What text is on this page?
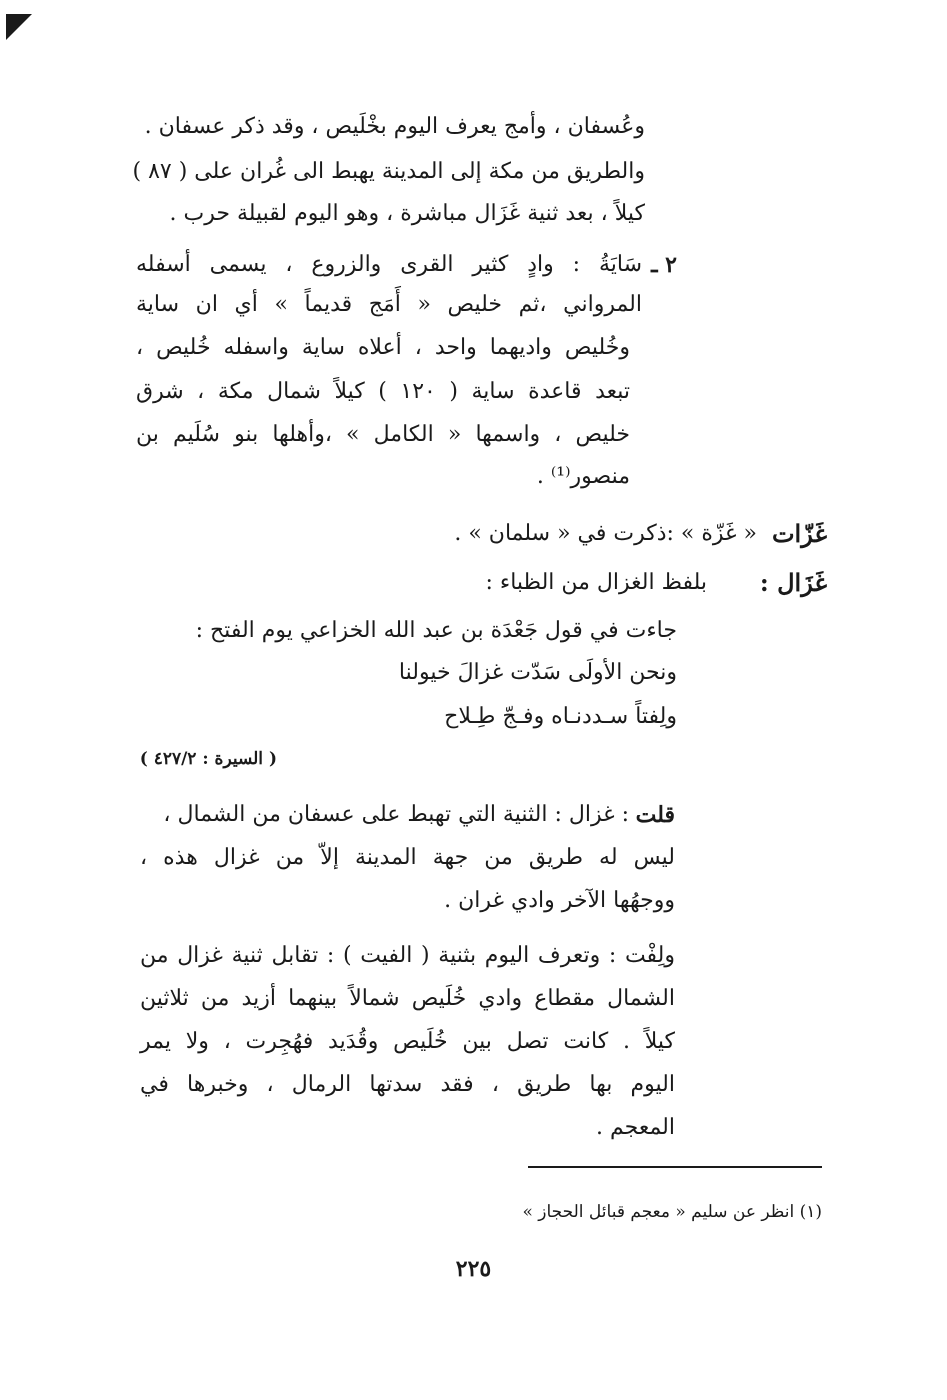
وعُسفان ، وأمج يعرف اليوم بخْلَيص ، وقد ذكر عسفان .
والطريق من مكة إلى المدينة يهبط الى غُران على ( ٨٧ )
كيلاً ، بعد ثنية غَزَال مباشرة ، وهو اليوم لقبيلة حرب .
٢ ـ
سَايَةُ : وادٍ كثير القرى والزروع ، يسمى أسفله
المرواني ،ثم خليص « أَمَج قديماً » أي ان ساية
وخُليص واديهما واحد ، أعلاه ساية واسفله خُليص ،
تبعد قاعدة ساية ( ١٢٠ ) كيلاً شمال مكة ، شرق
خليص ، واسمها « الكامل » ،وأهلها بنو سُلَيم بن
منصور⁽¹⁾ .
غَزّات
« غَزّة » :ذكرت في « سلمان » .
غَزَال :
بلفظ الغزال من الظباء :
جاءت في قول جَعْدَة بن عبد الله الخزاعي يوم الفتح :
ونحن الأولَى سَدّت غزالَ خيولنا
ولِفتاً سـددنـاه وفـجّ طِـلاح
( السيرة : ٤٢٧/٢ )
قلت
: غزال : الثنية التي تهبط على عسفان من الشمال ،
ليس له طريق من جهة المدينة إلاّ من غزال هذه ،
ووجهُها الآخر وادي غران .
ولِفْت : وتعرف اليوم بثنية ( الفيت ) : تقابل ثنية غزال من
الشمال مقطاع وادي خُلَيص شمالاً بينهما أزيد من ثلاثين
كيلاً . كانت تصل بين خُلَيص وقُدَيد فهُجِرت ، ولا يمر
اليوم بها طريق ، فقد سدتها الرمال ، وخبرها في
المعجم .
(١) انظر عن سليم « معجم قبائل الحجاز »
٢٢٥
